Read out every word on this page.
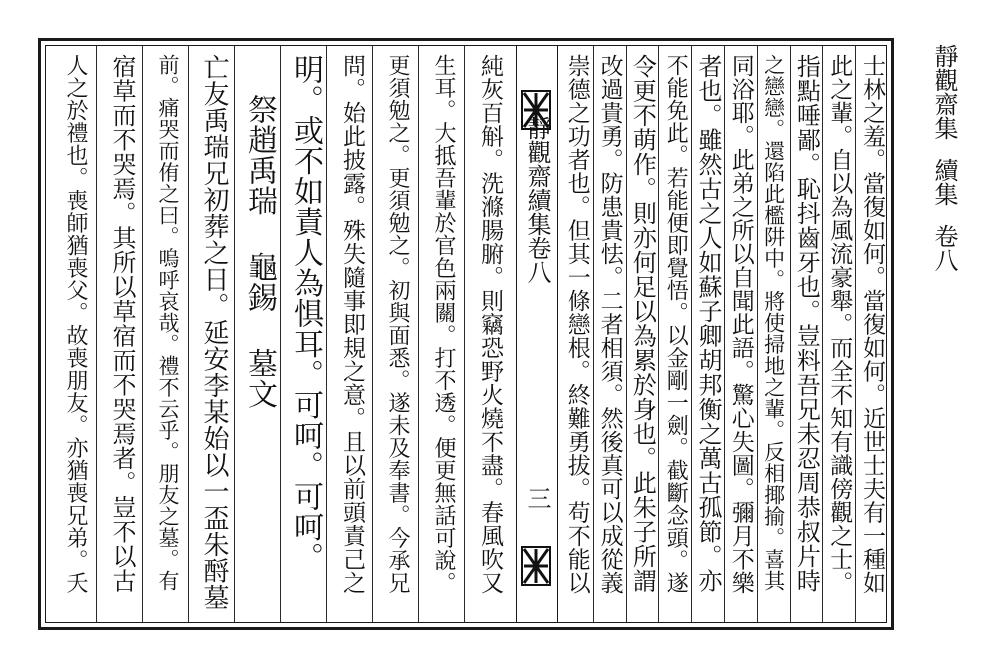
靜觀齋續集卷八
三
純灰百斛。洗滌腸腑。則竊恐野火燒不盡。春風吹又
生耳。大抵吾輩於官色兩關。打不透。便更無話可說。
更須勉之。更須勉之。初與面悉。遂未及奉書。今承兄
問。始此披露。殊失隨事即規之意。且以前頭責己之
明。或不如責人為惧耳。可呵。可呵。
祭趙禹瑞 龜錫 墓文
亡友禹瑞兄初葬之日。延安李某始以一盃朱酹墓
前。痛哭而侑之曰。嗚呼哀哉。禮不云乎。朋友之墓。有
宿草而不哭焉。其所以草宿而不哭焉者。豈不以古
人之於禮也。喪師猶喪父。故喪朋友。亦猶喪兄弟。夭	士林之羞。當復如何。當復如何。近世士夫有一種如
此之輩。自以為風流豪舉。而全不知有識傍觀之士。
指點唾鄙。恥抖齒牙也。豈料吾兄未忍周恭叔片時
之戀戀。還陷此檻阱中。將使掃地之輩。反相揶揄。喜其
同浴耶。此弟之所以自聞此語。驚心失圖。彌月不樂
者也。雖然古之人如蘇子卿胡邦衡之萬古孤節。亦
不能免此。若能便即覺悟。以金剛一劍。截斷念頭。遂
令更不萌作。則亦何足以為累於身也。此朱子所謂
改過貴勇。防患貴怯。二者相須。然後真可以成從義
崇德之功者也。但其一條戀根。終難勇拔。苟不能以	靜觀齋集續集卷八
